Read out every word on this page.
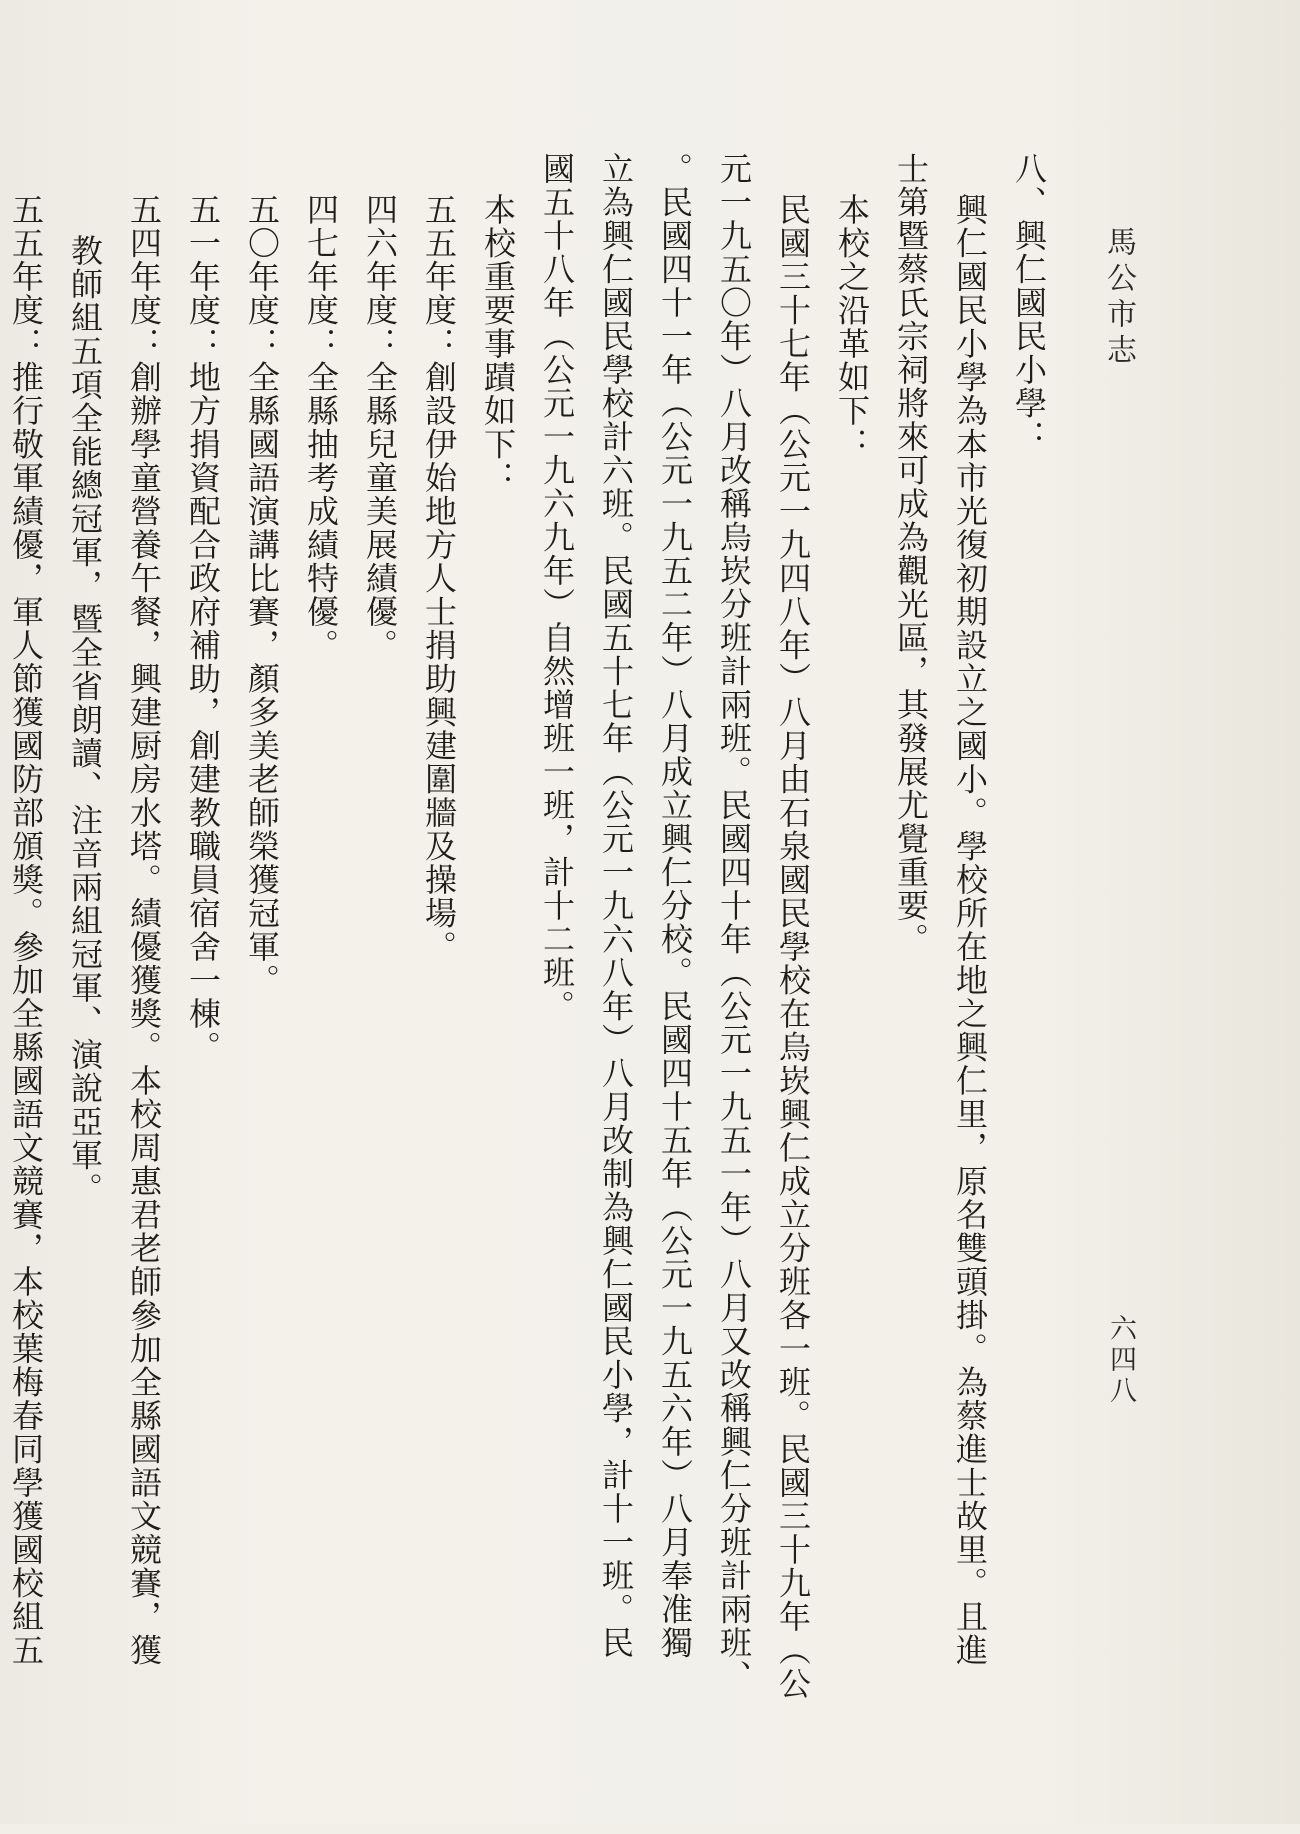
馬公市志
六四八
八、興仁國民小學：
興仁國民小學為本市光復初期設立之國小。學校所在地之興仁里，原名雙頭掛。為蔡進士故里。且進
士第暨蔡氏宗祠將來可成為觀光區，其發展尤覺重要。
本校之沿革如下：
民國三十七年（公元一九四八年）八月由石泉國民學校在烏崁興仁成立分班各一班。民國三十九年（公
元一九五〇年）八月改稱烏崁分班計兩班。民國四十年（公元一九五一年）八月又改稱興仁分班計兩班、
。民國四十一年（公元一九五二年）八月成立興仁分校。民國四十五年（公元一九五六年）八月奉准獨
立為興仁國民學校計六班。民國五十七年（公元一九六八年）八月改制為興仁國民小學，計十一班。民
國五十八年（公元一九六九年）自然增班一班，計十二班。
本校重要事蹟如下：
五五年度：創設伊始地方人士捐助興建圍牆及操場。
四六年度：全縣兒童美展績優。
四七年度：全縣抽考成績特優。
五〇年度：全縣國語演講比賽，顏多美老師榮獲冠軍。
五一年度：地方捐資配合政府補助，創建教職員宿舍一棟。
五四年度：創辦學童營養午餐，興建厨房水塔。績優獲獎。本校周惠君老師參加全縣國語文競賽，獲
教師組五項全能總冠軍，暨全省朗讀、注音兩組冠軍、演說亞軍。
五五年度：推行敬軍績優，軍人節獲國防部頒獎。參加全縣國語文競賽，本校葉梅春同學獲國校組五
